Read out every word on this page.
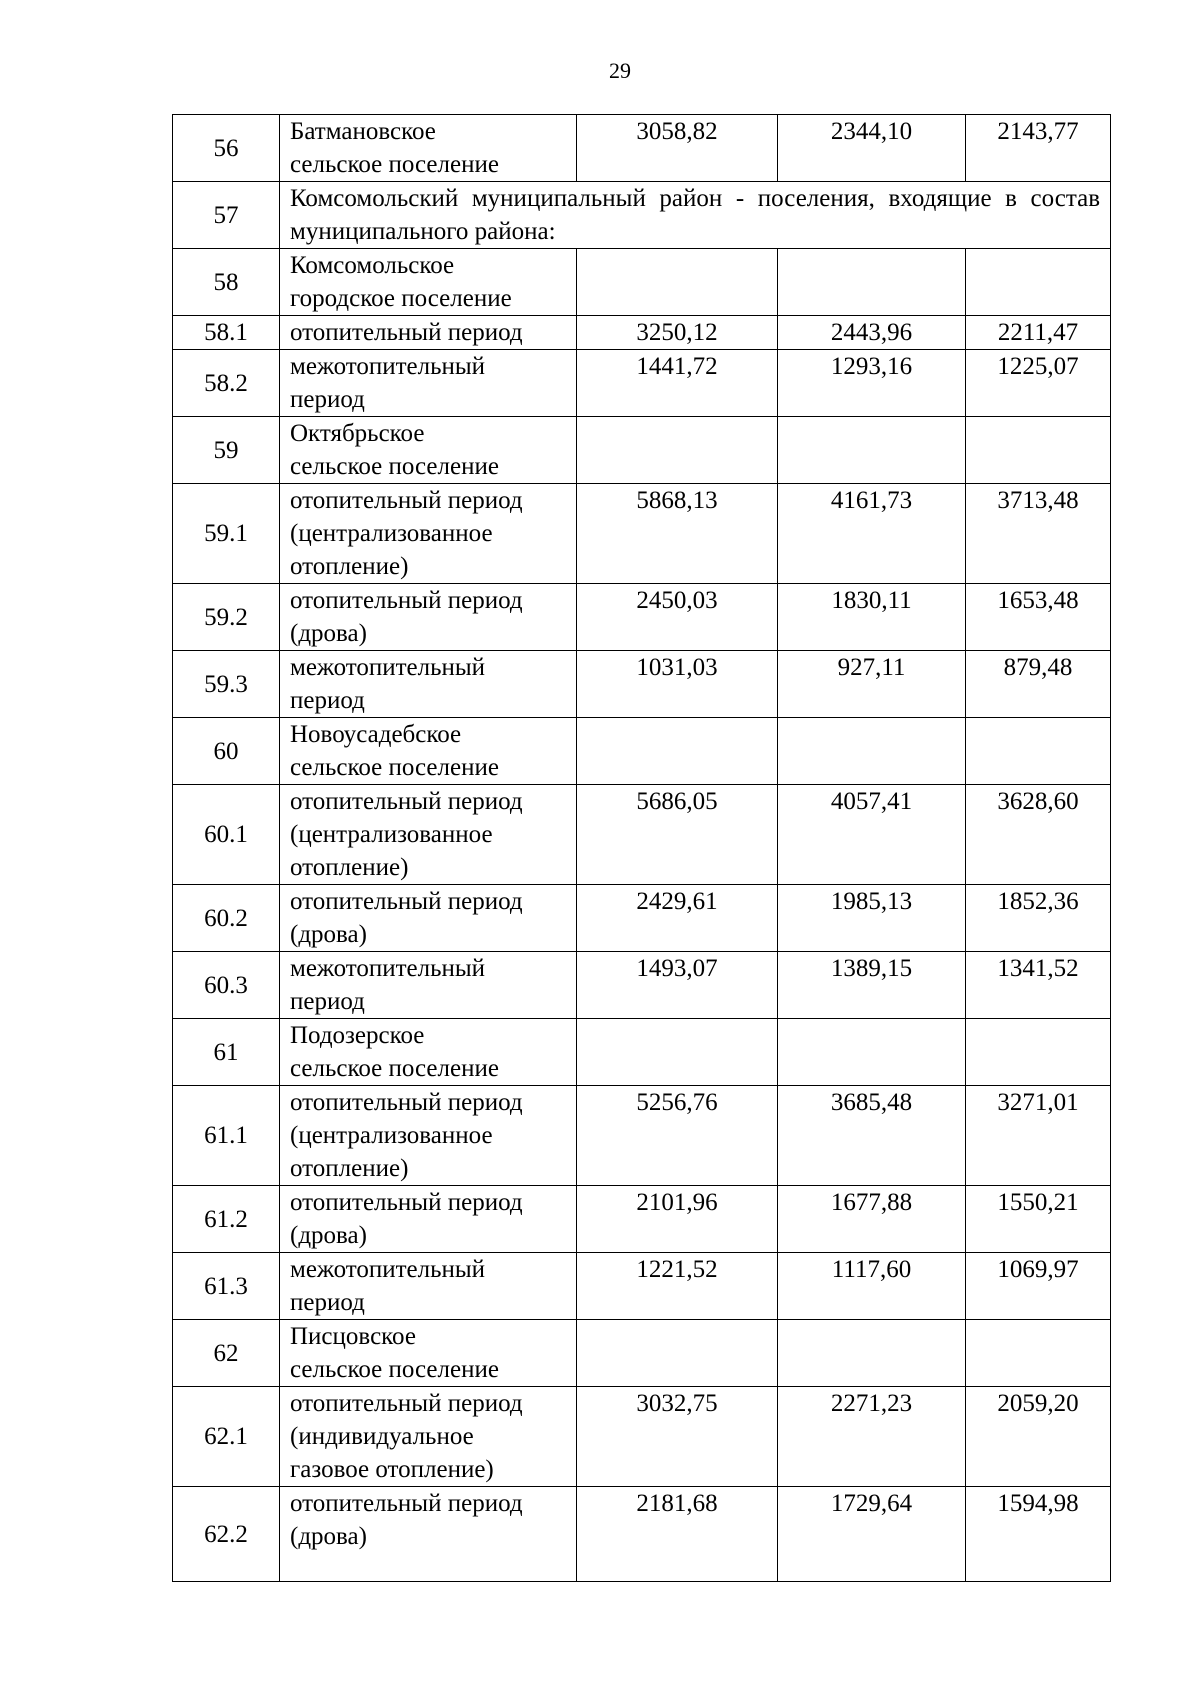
29
56	Батмановское
сельское поселение	3058,82	2344,10	2143,77
57	Комсомольский муниципальный район - поселения, входящие в состав муниципального района:			
58	Комсомольское
городское поселение			

58.1	отопительный период	3250,12	2443,96	2211,47
58.2	межотопительный
период	1441,72	1293,16	1225,07
59	Октябрьское
сельское поселение			

59.1	отопительный период
(централизованное
отопление)	5868,13	4161,73	3713,48
59.2	отопительный период
(дрова)	2450,03	1830,11	1653,48
59.3	межотопительный
период	1031,03	927,11	879,48
60	Новоусадебское
сельское поселение			

60.1	отопительный период
(централизованное
отопление)	5686,05	4057,41	3628,60
60.2	отопительный период
(дрова)	2429,61	1985,13	1852,36
60.3	межотопительный
период	1493,07	1389,15	1341,52
61	Подозерское
сельское поселение			

61.1	отопительный период
(централизованное
отопление)	5256,76	3685,48	3271,01
61.2	отопительный период
(дрова)	2101,96	1677,88	1550,21
61.3	межотопительный
период	1221,52	1117,60	1069,97
62	Писцовское
сельское поселение			

62.1	отопительный период
(индивидуальное
газовое отопление)	3032,75	2271,23	2059,20
62.2	отопительный период
(дрова)	2181,68	1729,64	1594,98
